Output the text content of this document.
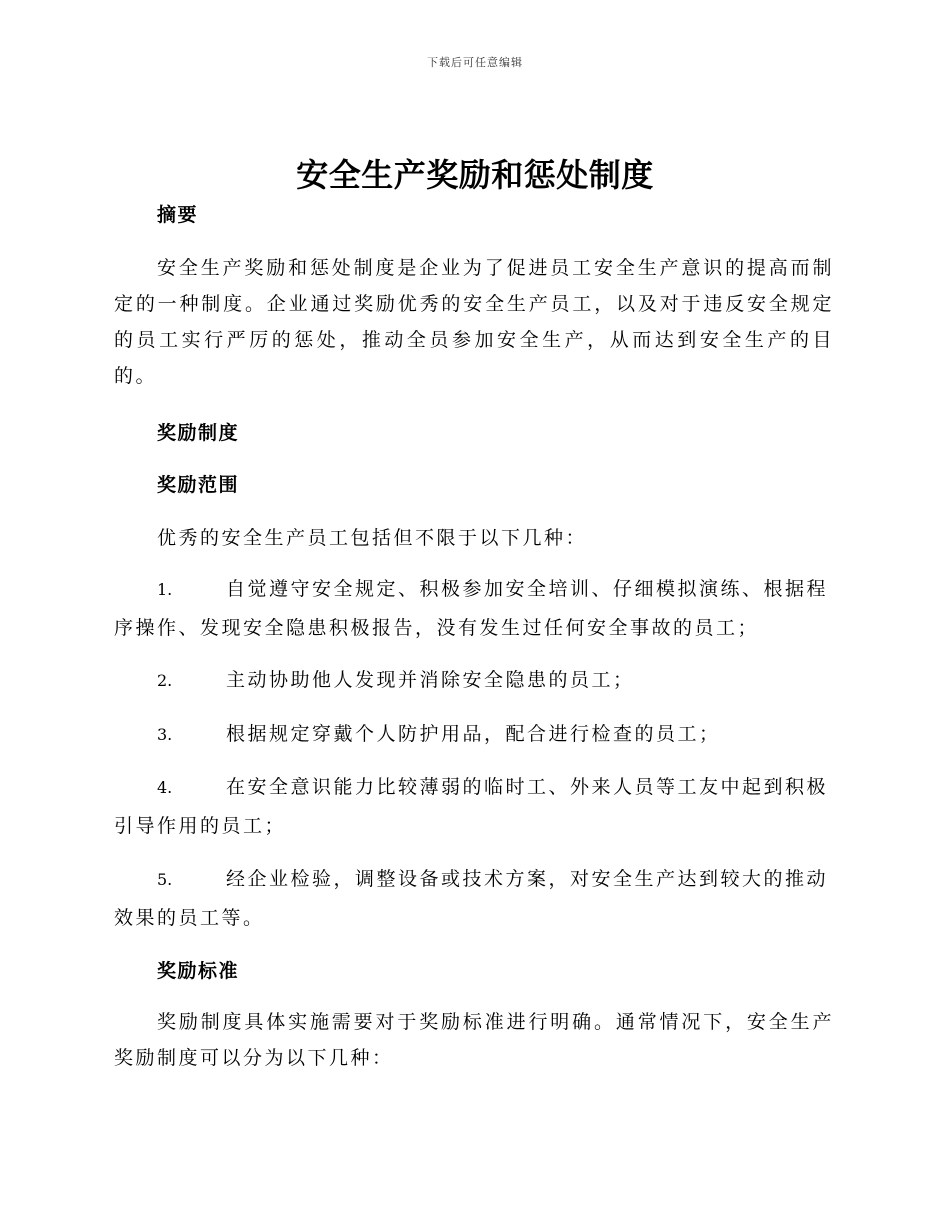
下载后可任意编辑
安全生产奖励和惩处制度
摘要
安全生产奖励和惩处制度是企业为了促进员工安全生产意识的提高而制定的一种制度。企业通过奖励优秀的安全生产员工，以及对于违反安全规定的员工实行严厉的惩处，推动全员参加安全生产，从而达到安全生产的目的。
奖励制度
奖励范围
优秀的安全生产员工包括但不限于以下几种：
1.	自觉遵守安全规定、积极参加安全培训、仔细模拟演练、根据程序操作、发现安全隐患积极报告，没有发生过任何安全事故的员工；
2.	主动协助他人发现并消除安全隐患的员工；
3.	根据规定穿戴个人防护用品，配合进行检查的员工；
4.	在安全意识能力比较薄弱的临时工、外来人员等工友中起到积极引导作用的员工；
5.	经企业检验，调整设备或技术方案，对安全生产达到较大的推动效果的员工等。
奖励标准
奖励制度具体实施需要对于奖励标准进行明确。通常情况下，安全生产奖励制度可以分为以下几种：
